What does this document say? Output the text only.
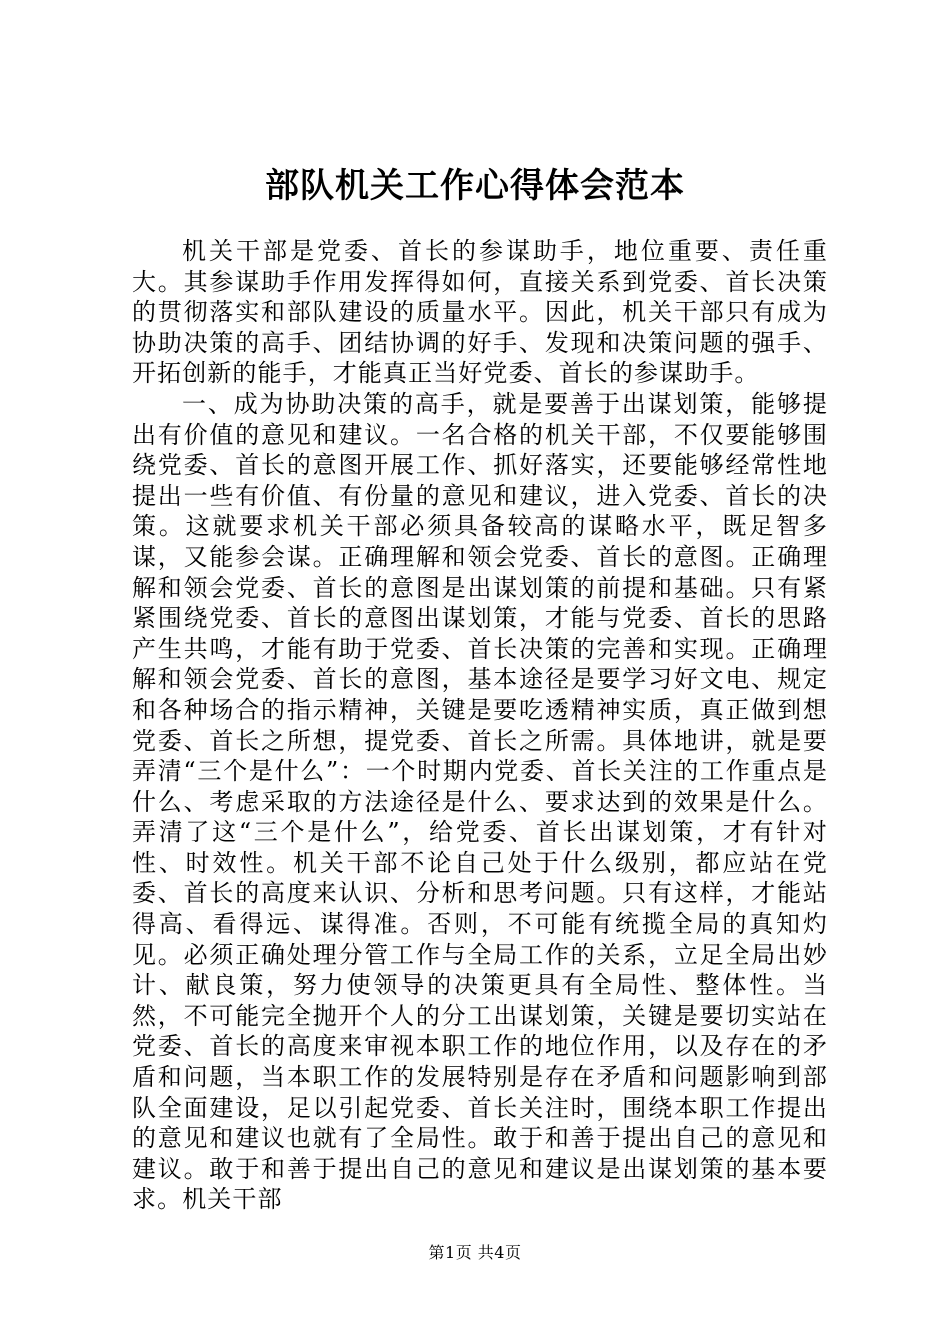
部队机关工作心得体会范本

机关干部是党委、首长的参谋助手，地位重要、责任重大。其参谋助手作用发挥得如何，直接关系到党委、首长决策的贯彻落实和部队建设的质量水平。因此，机关干部只有成为协助决策的高手、团结协调的好手、发现和决策问题的强手、开拓创新的能手，才能真正当好党委、首长的参谋助手。

一、成为协助决策的高手，就是要善于出谋划策，能够提出有价值的意见和建议。一名合格的机关干部，不仅要能够围绕党委、首长的意图开展工作、抓好落实，还要能够经常性地提出一些有价值、有份量的意见和建议，进入党委、首长的决策。这就要求机关干部必须具备较高的谋略水平，既足智多谋，又能参会谋。正确理解和领会党委、首长的意图。正确理解和领会党委、首长的意图是出谋划策的前提和基础。只有紧紧围绕党委、首长的意图出谋划策，才能与党委、首长的思路产生共鸣，才能有助于党委、首长决策的完善和实现。正确理解和领会党委、首长的意图，基本途径是要学习好文电、规定和各种场合的指示精神，关键是要吃透精神实质，真正做到想党委、首长之所想，提党委、首长之所需。具体地讲，就是要弄清“三个是什么”：一个时期内党委、首长关注的工作重点是什么、考虑采取的方法途径是什么、要求达到的效果是什么。弄清了这“三个是什么”，给党委、首长出谋划策，才有针对性、时效性。机关干部不论自己处于什么级别，都应站在党委、首长的高度来认识、分析和思考问题。只有这样，才能站得高、看得远、谋得准。否则，不可能有统揽全局的真知灼见。必须正确处理分管工作与全局工作的关系，立足全局出妙计、献良策，努力使领导的决策更具有全局性、整体性。当然，不可能完全抛开个人的分工出谋划策，关键是要切实站在党委、首长的高度来审视本职工作的地位作用，以及存在的矛盾和问题，当本职工作的发展特别是存在矛盾和问题影响到部队全面建设，足以引起党委、首长关注时，围绕本职工作提出的意见和建议也就有了全局性。敢于和善于提出自己的意见和建议。敢于和善于提出自己的意见和建议是出谋划策的基本要求。机关干部

第1页 共4页
